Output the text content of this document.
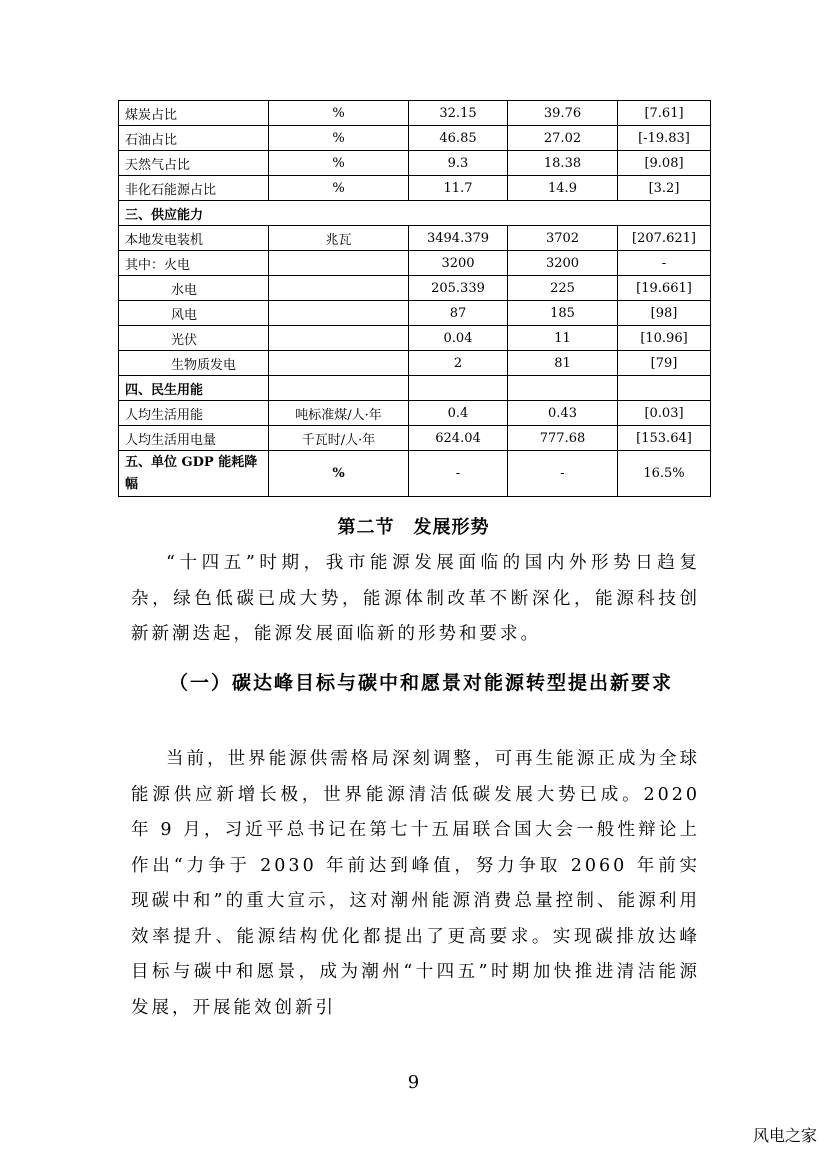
煤炭占比	%	32.15	39.76	[7.61]
石油占比	%	46.85	27.02	[-19.83]
天然气占比	%	9.3	18.38	[9.08]
非化石能源占比	%	11.7	14.9	[3.2]
三、供应能力				
本地发电装机	兆瓦	3494.379	3702	[207.621]
其中：火电		3200	3200	-
水电		205.339	225	[19.661]
风电		87	185	[98]
光伏		0.04	11	[10.96]
生物质发电		2	81	[79]
四、民生用能				
人均生活用能	吨标准煤/人·年	0.4	0.43	[0.03]
人均生活用电量	千瓦时/人·年	624.04	777.68	[153.64]
五、单位 GDP 能耗降幅	%	-	-	16.5%
第二节　发展形势

“十四五”时期，我市能源发展面临的国内外形势日趋复杂，绿色低碳已成大势，能源体制改革不断深化，能源科技创新新潮迭起，能源发展面临新的形势和要求。

（一）碳达峰目标与碳中和愿景对能源转型提出新要求

当前，世界能源供需格局深刻调整，可再生能源正成为全球能源供应新增长极，世界能源清洁低碳发展大势已成。2020 年 9 月，习近平总书记在第七十五届联合国大会一般性辩论上作出“力争于 2030 年前达到峰值，努力争取 2060 年前实现碳中和”的重大宣示，这对潮州能源消费总量控制、能源利用效率提升、能源结构优化都提出了更高要求。实现碳排放达峰目标与碳中和愿景，成为潮州“十四五”时期加快推进清洁能源发展，开展能效创新引

9
风电之家
